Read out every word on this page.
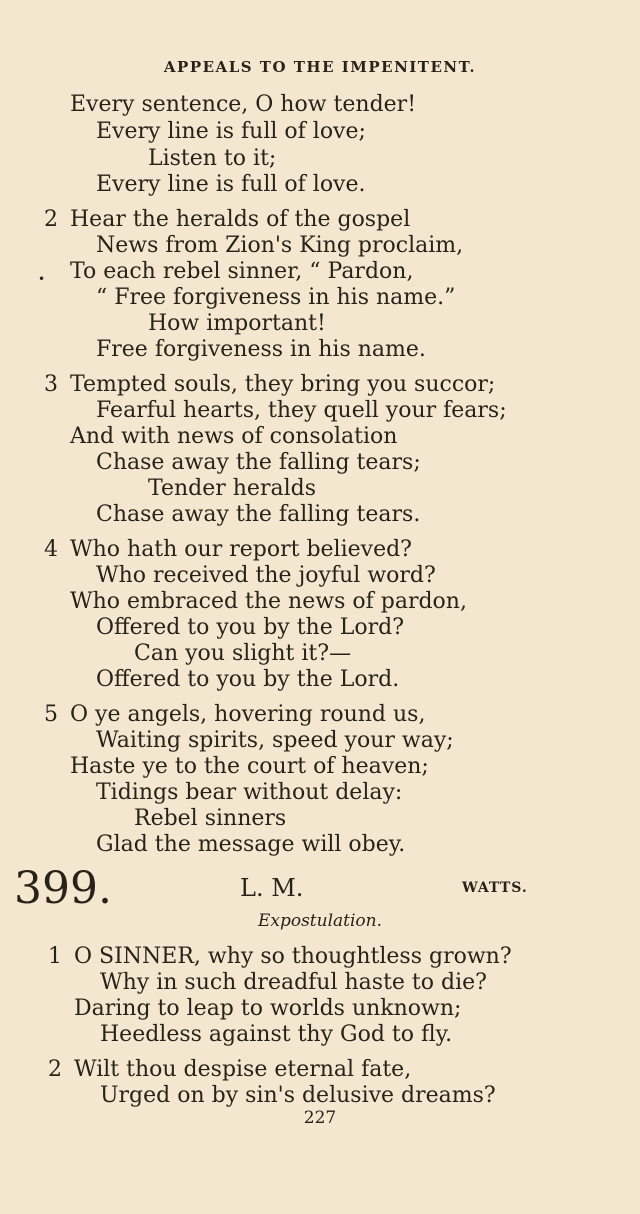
APPEALS TO THE IMPENITENT.
Every sentence, O how tender!
Every line is full of love;
Listen to it;
Every line is full of love.
2 Hear the heralds of the gospel
News from Zion's King proclaim,
• To each rebel sinner, “ Pardon,
“ Free forgiveness in his name.”
How important!
Free forgiveness in his name.
3 Tempted souls, they bring you succor;
Fearful hearts, they quell your fears;
And with news of consolation
Chase away the falling tears;
Tender heralds
Chase away the falling tears.
4 Who hath our report believed?
Who received the joyful word?
Who embraced the news of pardon,
Offered to you by the Lord?
Can you slight it?—
Offered to you by the Lord.
5 O ye angels, hovering round us,
Waiting spirits, speed your way;
Haste ye to the court of heaven;
Tidings bear without delay:
Rebel sinners
Glad the message will obey.
399.	L. M.	WATTS.
Expostulation.
1 O SINNER, why so thoughtless grown?
Why in such dreadful haste to die?
Daring to leap to worlds unknown;
Heedless against thy God to fly.
2 Wilt thou despise eternal fate,
Urged on by sin's delusive dreams?
227
